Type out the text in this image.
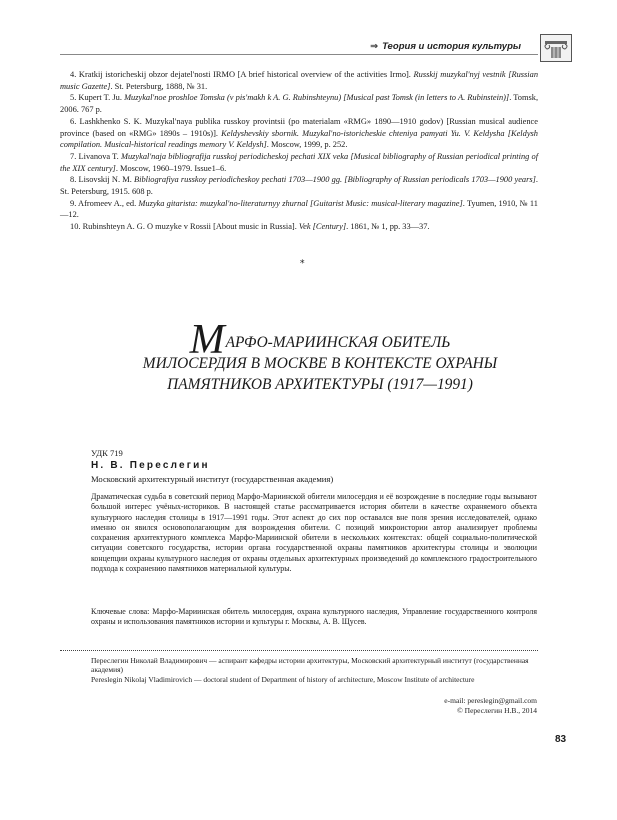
⇒ Теория и история культуры

4. Kratkij istoricheskij obzor dejatel'nosti IRMO [A brief historical overview of the activities Irmo]. Russkij muzykal'nyj vestnik [Russian music Gazette]. St. Petersburg, 1888, № 31.

5. Kupert T. Ju. Muzykal'noe proshloe Tomska (v pis'makh k A. G. Rubinshteynu) [Musical past Tomsk (in letters to A. Rubinstein)]. Tomsk, 2006. 767 p.

6. Lashkhenko S. K. Muzykal'naya publika russkoy provintsii (po materialam «RMG» 1890—1910 godov) [Russian musical audience province (based on «RMG» 1890s – 1910s)]. Keldyshevskiy sbornik. Muzykal'no-istoricheskie chteniya pamyati Yu. V. Keldysha [Keldysh compilation. Musical-historical readings memory V. Keldysh]. Moscow, 1999, p. 252.

7. Livanova T. Muzykal'naja bibliografija russkoj periodicheskoj pechati XIX veka [Musical bibliography of Russian periodical printing of the XIX century]. Moscow, 1960–1979. Issue1–6.

8. Lisovskij N. M. Bibliografiya russkoy periodicheskoy pechati 1703—1900 gg. [Bibliography of Russian periodicals 1703—1900 years]. St. Petersburg, 1915. 608 p.

9. Afromeev A., ed. Muzyka gitarista: muzykal'no-literaturnyy zhurnal [Guitarist Music: musical-literary magazine]. Tyumen, 1910, № 11—12.

10. Rubinshteyn A. G. O muzyke v Rossii [About music in Russia]. Vek [Century]. 1861, № 1, pp. 33—37.

⁎
МАРФО-МАРИИНСКАЯ ОБИТЕЛЬ
МИЛОСЕРДИЯ В МОСКВЕ В КОНТЕКСТЕ ОХРАНЫ
ПАМЯТНИКОВ АРХИТЕКТУРЫ (1917—1991)
УДК 719
Н. В. Переслегин
Московский архитектурный институт (государственная академия)
Драматическая судьба в советский период Марфо-Мариинской обители милосердия и её возрождение в последние годы вызывают большой интерес учёных-историков. В настоящей статье рассматривается история обители в качестве охраняемого объекта культурного наследия столицы в 1917—1991 годы. Этот аспект до сих пор оставался вне поля зрения исследователей, однако именно он явился основополагающим для возрождения обители. С позиций микроистории автор анализирует проблемы сохранения архитектурного комплекса Марфо-Мариинской обители в нескольких контекстах: общей социально-политической ситуации советского государства, истории органа государственной охраны памятников архитектуры столицы и эволюции концепции охраны культурного наследия от охраны отдельных архитектурных произведений до комплексного градостроительного подхода к сохранению памятников материальной культуры.
Ключевые слова: Марфо-Мариинская обитель милосердия, охрана культурного наследия, Управление государственного контроля охраны и использования памятников истории и культуры г. Москвы, А. В. Щусев.
Переслегин Николай Владимирович — аспирант кафедры истории архитектуры, Московский архитектурный институт (государственная академия)
Pereslegin Nikolaj Vladimirovich — doctoral student of Department of history of architecture, Moscow Institute of architecture
e-mail: pereslegin@gmail.com
© Переслегин Н.В., 2014
83
